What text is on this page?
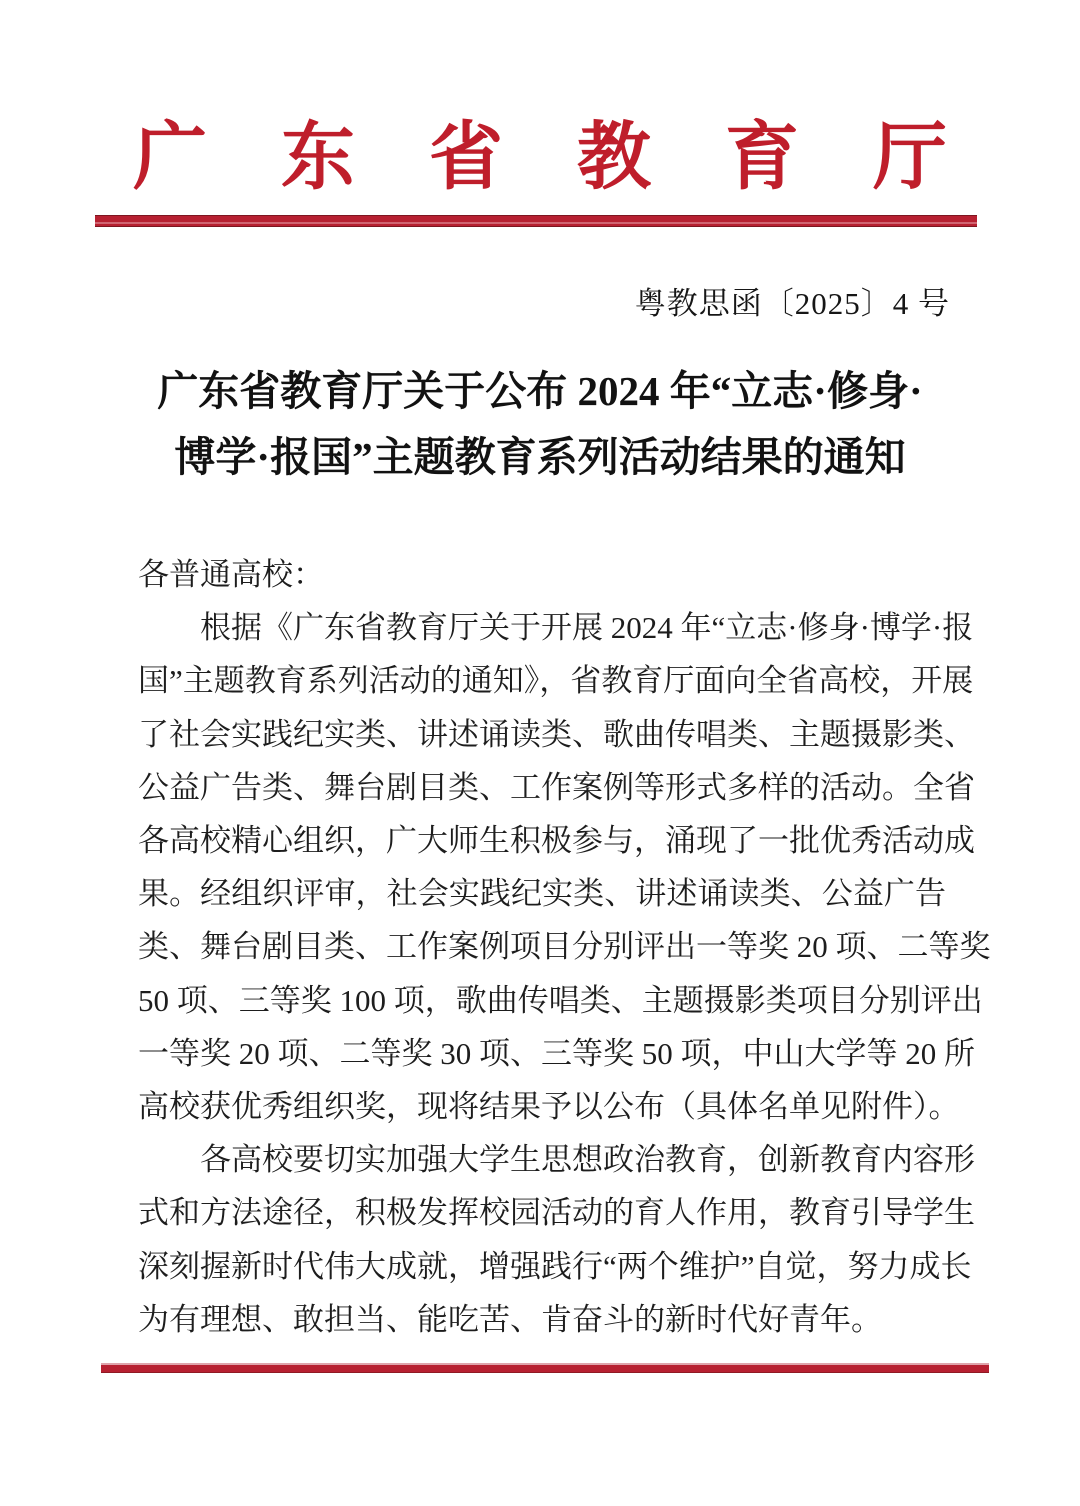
广　东　省　教　育　厅
粤教思函〔2025〕4 号
广东省教育厅关于公布 2024 年“立志·修身·
博学·报国”主题教育系列活动结果的通知
各普通高校：
根据《广东省教育厅关于开展 2024 年“立志·修身·博学·报
国”主题教育系列活动的通知》，省教育厅面向全省高校，开展
了社会实践纪实类、讲述诵读类、歌曲传唱类、主题摄影类、
公益广告类、舞台剧目类、工作案例等形式多样的活动。全省
各高校精心组织，广大师生积极参与，涌现了一批优秀活动成
果。经组织评审，社会实践纪实类、讲述诵读类、公益广告
类、舞台剧目类、工作案例项目分别评出一等奖 20 项、二等奖
50 项、三等奖 100 项，歌曲传唱类、主题摄影类项目分别评出
一等奖 20 项、二等奖 30 项、三等奖 50 项，中山大学等 20 所
高校获优秀组织奖，现将结果予以公布（具体名单见附件）。
各高校要切实加强大学生思想政治教育，创新教育内容形
式和方法途径，积极发挥校园活动的育人作用，教育引导学生
深刻握新时代伟大成就，增强践行“两个维护”自觉，努力成长
为有理想、敢担当、能吃苦、肯奋斗的新时代好青年。
